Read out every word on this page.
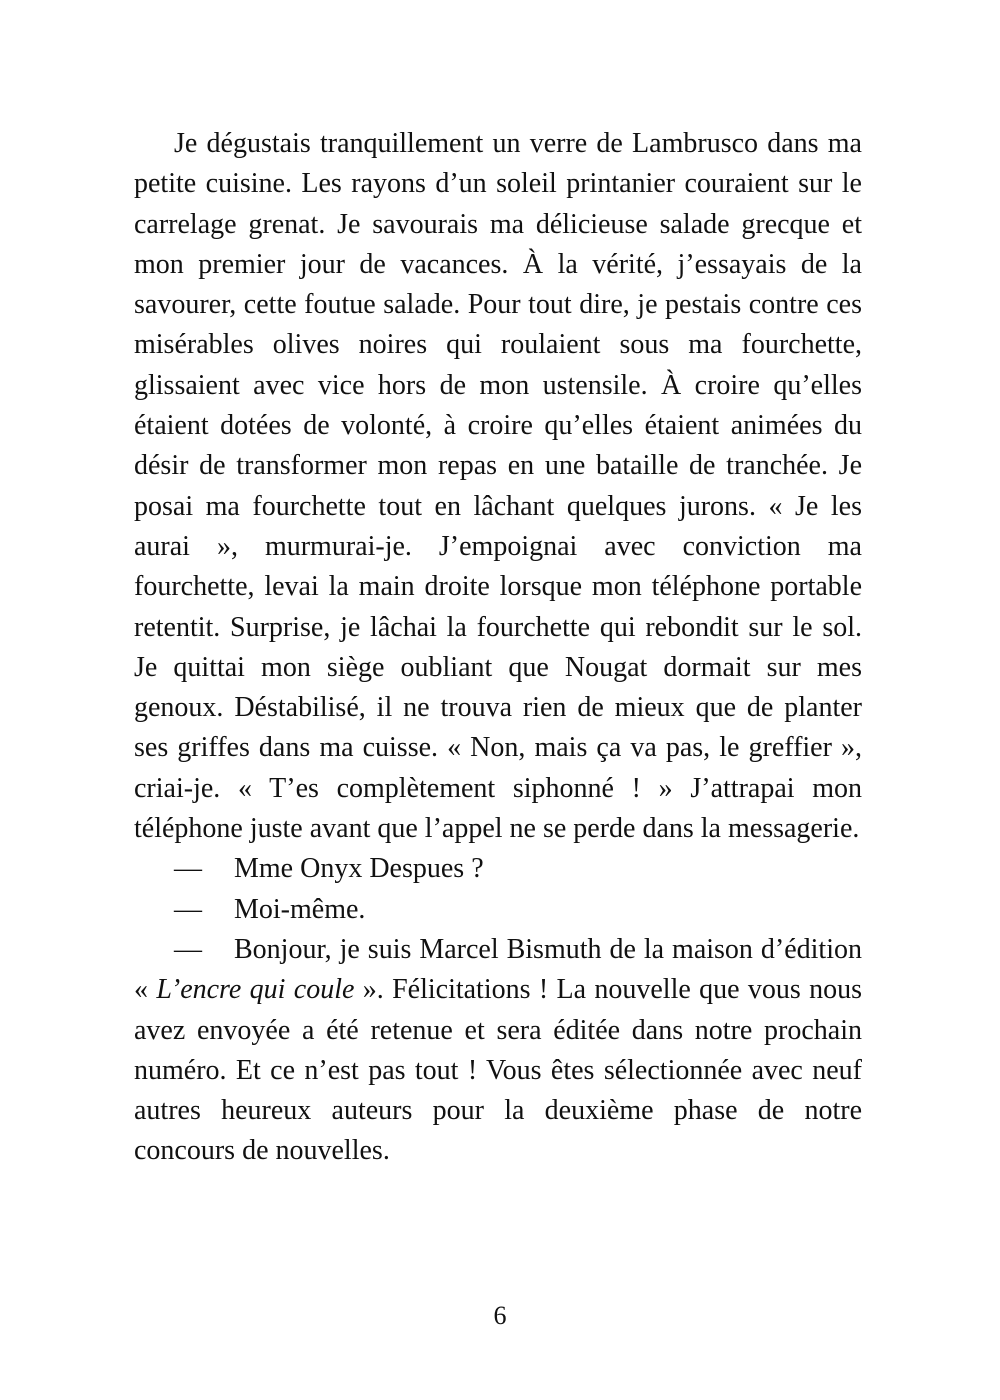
Je dégustais tranquillement un verre de Lambrusco dans ma petite cuisine. Les rayons d’un soleil printanier couraient sur le carrelage grenat. Je savourais ma délicieuse salade grecque et mon premier jour de vacances. À la vérité, j’essayais de la savourer, cette foutue salade. Pour tout dire, je pestais contre ces misérables olives noires qui roulaient sous ma fourchette, glissaient avec vice hors de mon ustensile. À croire qu’elles étaient dotées de volonté, à croire qu’elles étaient animées du désir de transformer mon repas en une bataille de tranchée. Je posai ma fourchette tout en lâchant quelques jurons. « Je les aurai », murmurai-je. J’empoignai avec conviction ma fourchette, levai la main droite lorsque mon téléphone portable retentit. Surprise, je lâchai la fourchette qui rebondit sur le sol. Je quittai mon siège oubliant que Nougat dormait sur mes genoux. Déstabilisé, il ne trouva rien de mieux que de planter ses griffes dans ma cuisse. « Non, mais ça va pas, le greffier », criai-je. « T’es complètement siphonné ! » J’attrapai mon téléphone juste avant que l’appel ne se perde dans la messagerie.

— Mme Onyx Despues ?

— Moi-même.

— Bonjour, je suis Marcel Bismuth de la maison d’édition « L’encre qui coule ». Félicitations ! La nouvelle que vous nous avez envoyée a été retenue et sera éditée dans notre prochain numéro. Et ce n’est pas tout ! Vous êtes sélectionnée avec neuf autres heureux auteurs pour la deuxième phase de notre concours de nouvelles.

6
